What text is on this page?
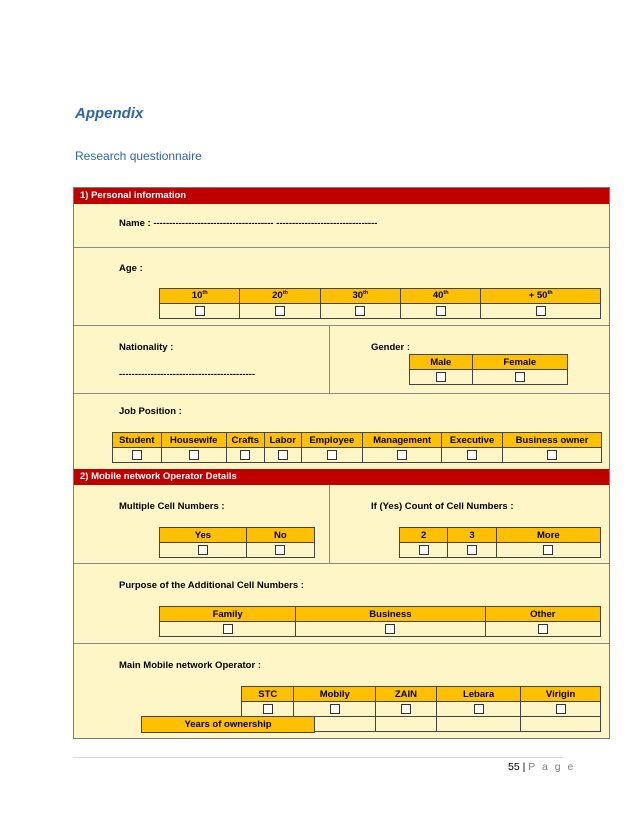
Appendix
Research questionnaire
1) Personal information
Name : -------------------------------------- --------------------------------
Age :
10th	20th	30th	40th	+ 50th

Nationality :
-------------------------------------------
Gender :
Male	Female

Job Position :
Student	Housewife	Crafts	Labor	Employee	Management	Executive	Business owner

2) Mobile network Operator Details
Multiple Cell Numbers :
Yes	No

If (Yes) Count of Cell Numbers :
2	3	More

Purpose of the Additional Cell Numbers :
Family	Business	Other

Main Mobile network Operator :
STC	Mobily	ZAIN	Lebara	Virigin

Years of ownership
55 | P a g e
